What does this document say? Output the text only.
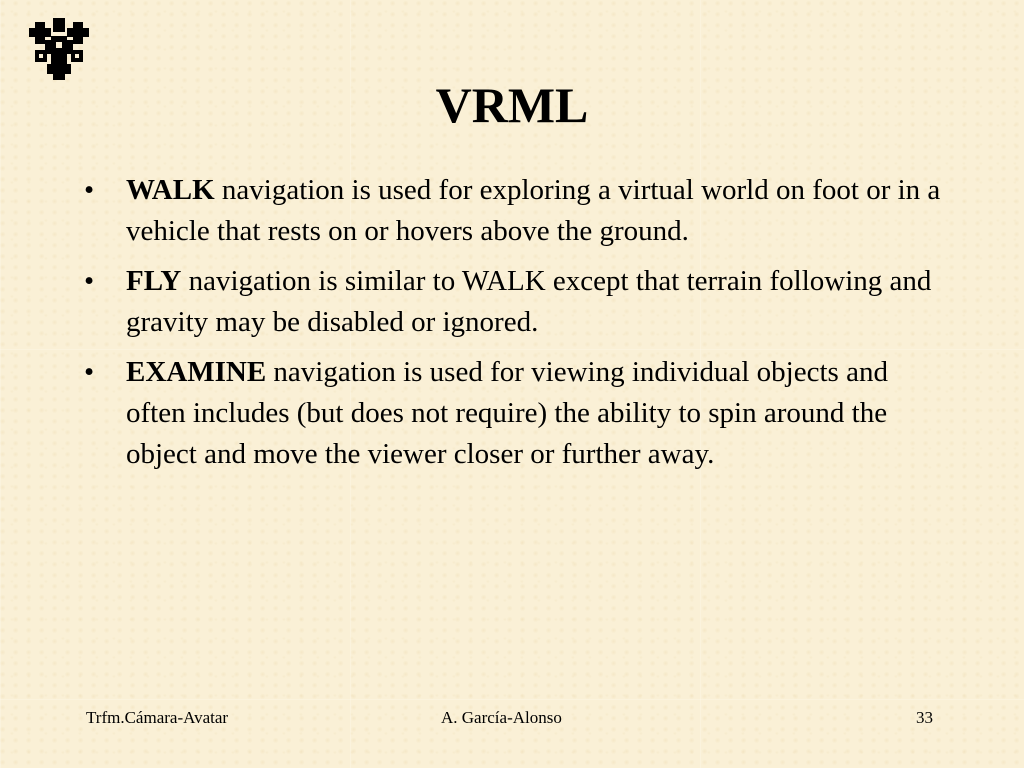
VRML
• WALK navigation is used for exploring a virtual world on foot or in a vehicle that rests on or hovers above the ground.
• FLY navigation is similar to WALK except that terrain following and gravity may be disabled or ignored.
• EXAMINE navigation is used for viewing individual objects and often includes (but does not require) the ability to spin around the object and move the viewer closer or further away.
Trfm.Cámara-Avatar	A. García-Alonso	33
